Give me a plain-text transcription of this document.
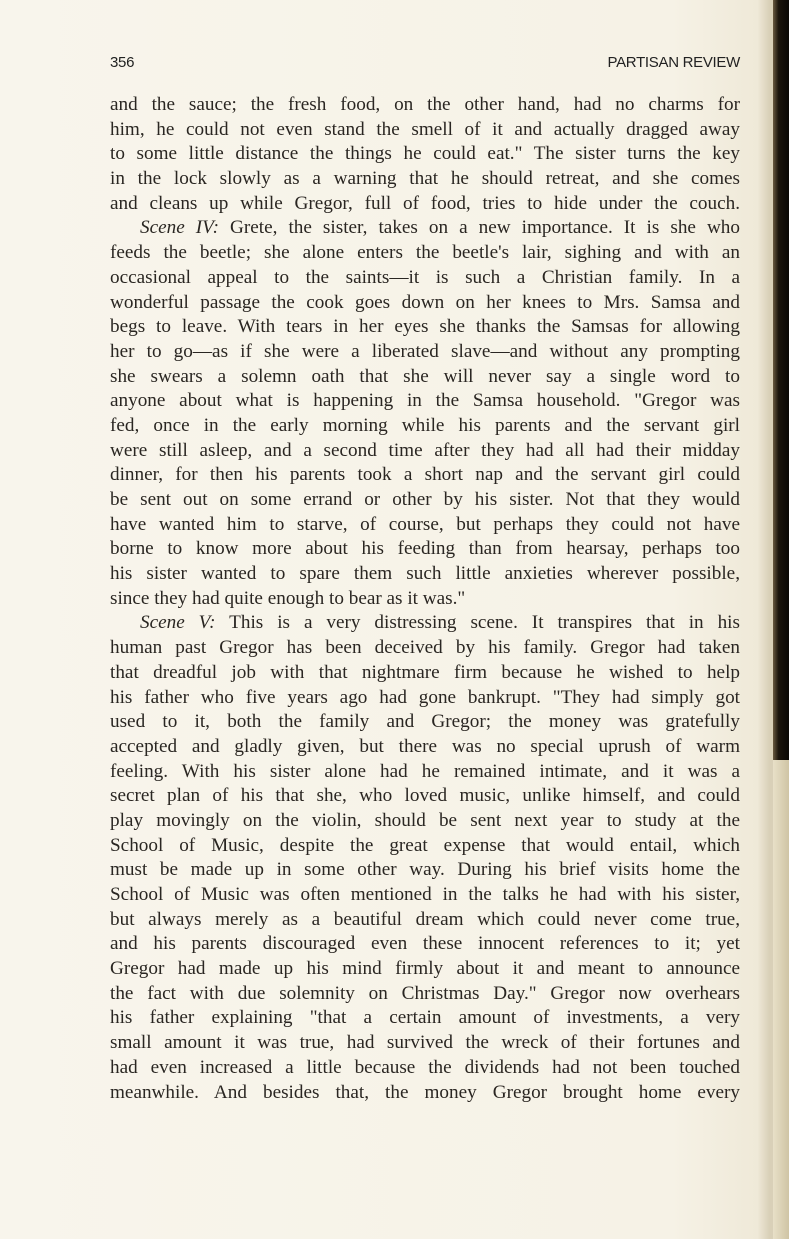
356	PARTISAN REVIEW
and the sauce; the fresh food, on the other hand, had no charms for
him, he could not even stand the smell of it and actually dragged away
to some little distance the things he could eat." The sister turns the key
in the lock slowly as a warning that he should retreat, and she comes
and cleans up while Gregor, full of food, tries to hide under the couch.
Scene IV: Grete, the sister, takes on a new importance. It is she who
feeds the beetle; she alone enters the beetle's lair, sighing and with an
occasional appeal to the saints—it is such a Christian family. In a
wonderful passage the cook goes down on her knees to Mrs. Samsa and
begs to leave. With tears in her eyes she thanks the Samsas for allowing
her to go—as if she were a liberated slave—and without any prompting
she swears a solemn oath that she will never say a single word to
anyone about what is happening in the Samsa household. "Gregor was
fed, once in the early morning while his parents and the servant girl
were still asleep, and a second time after they had all had their midday
dinner, for then his parents took a short nap and the servant girl could
be sent out on some errand or other by his sister. Not that they would
have wanted him to starve, of course, but perhaps they could not have
borne to know more about his feeding than from hearsay, perhaps too
his sister wanted to spare them such little anxieties wherever possible,
since they had quite enough to bear as it was."
Scene V: This is a very distressing scene. It transpires that in his
human past Gregor has been deceived by his family. Gregor had taken
that dreadful job with that nightmare firm because he wished to help
his father who five years ago had gone bankrupt. "They had simply got
used to it, both the family and Gregor; the money was gratefully
accepted and gladly given, but there was no special uprush of warm
feeling. With his sister alone had he remained intimate, and it was a
secret plan of his that she, who loved music, unlike himself, and could
play movingly on the violin, should be sent next year to study at the
School of Music, despite the great expense that would entail, which
must be made up in some other way. During his brief visits home the
School of Music was often mentioned in the talks he had with his sister,
but always merely as a beautiful dream which could never come true,
and his parents discouraged even these innocent references to it; yet
Gregor had made up his mind firmly about it and meant to announce
the fact with due solemnity on Christmas Day." Gregor now overhears
his father explaining "that a certain amount of investments, a very
small amount it was true, had survived the wreck of their fortunes and
had even increased a little because the dividends had not been touched
meanwhile. And besides that, the money Gregor brought home every
